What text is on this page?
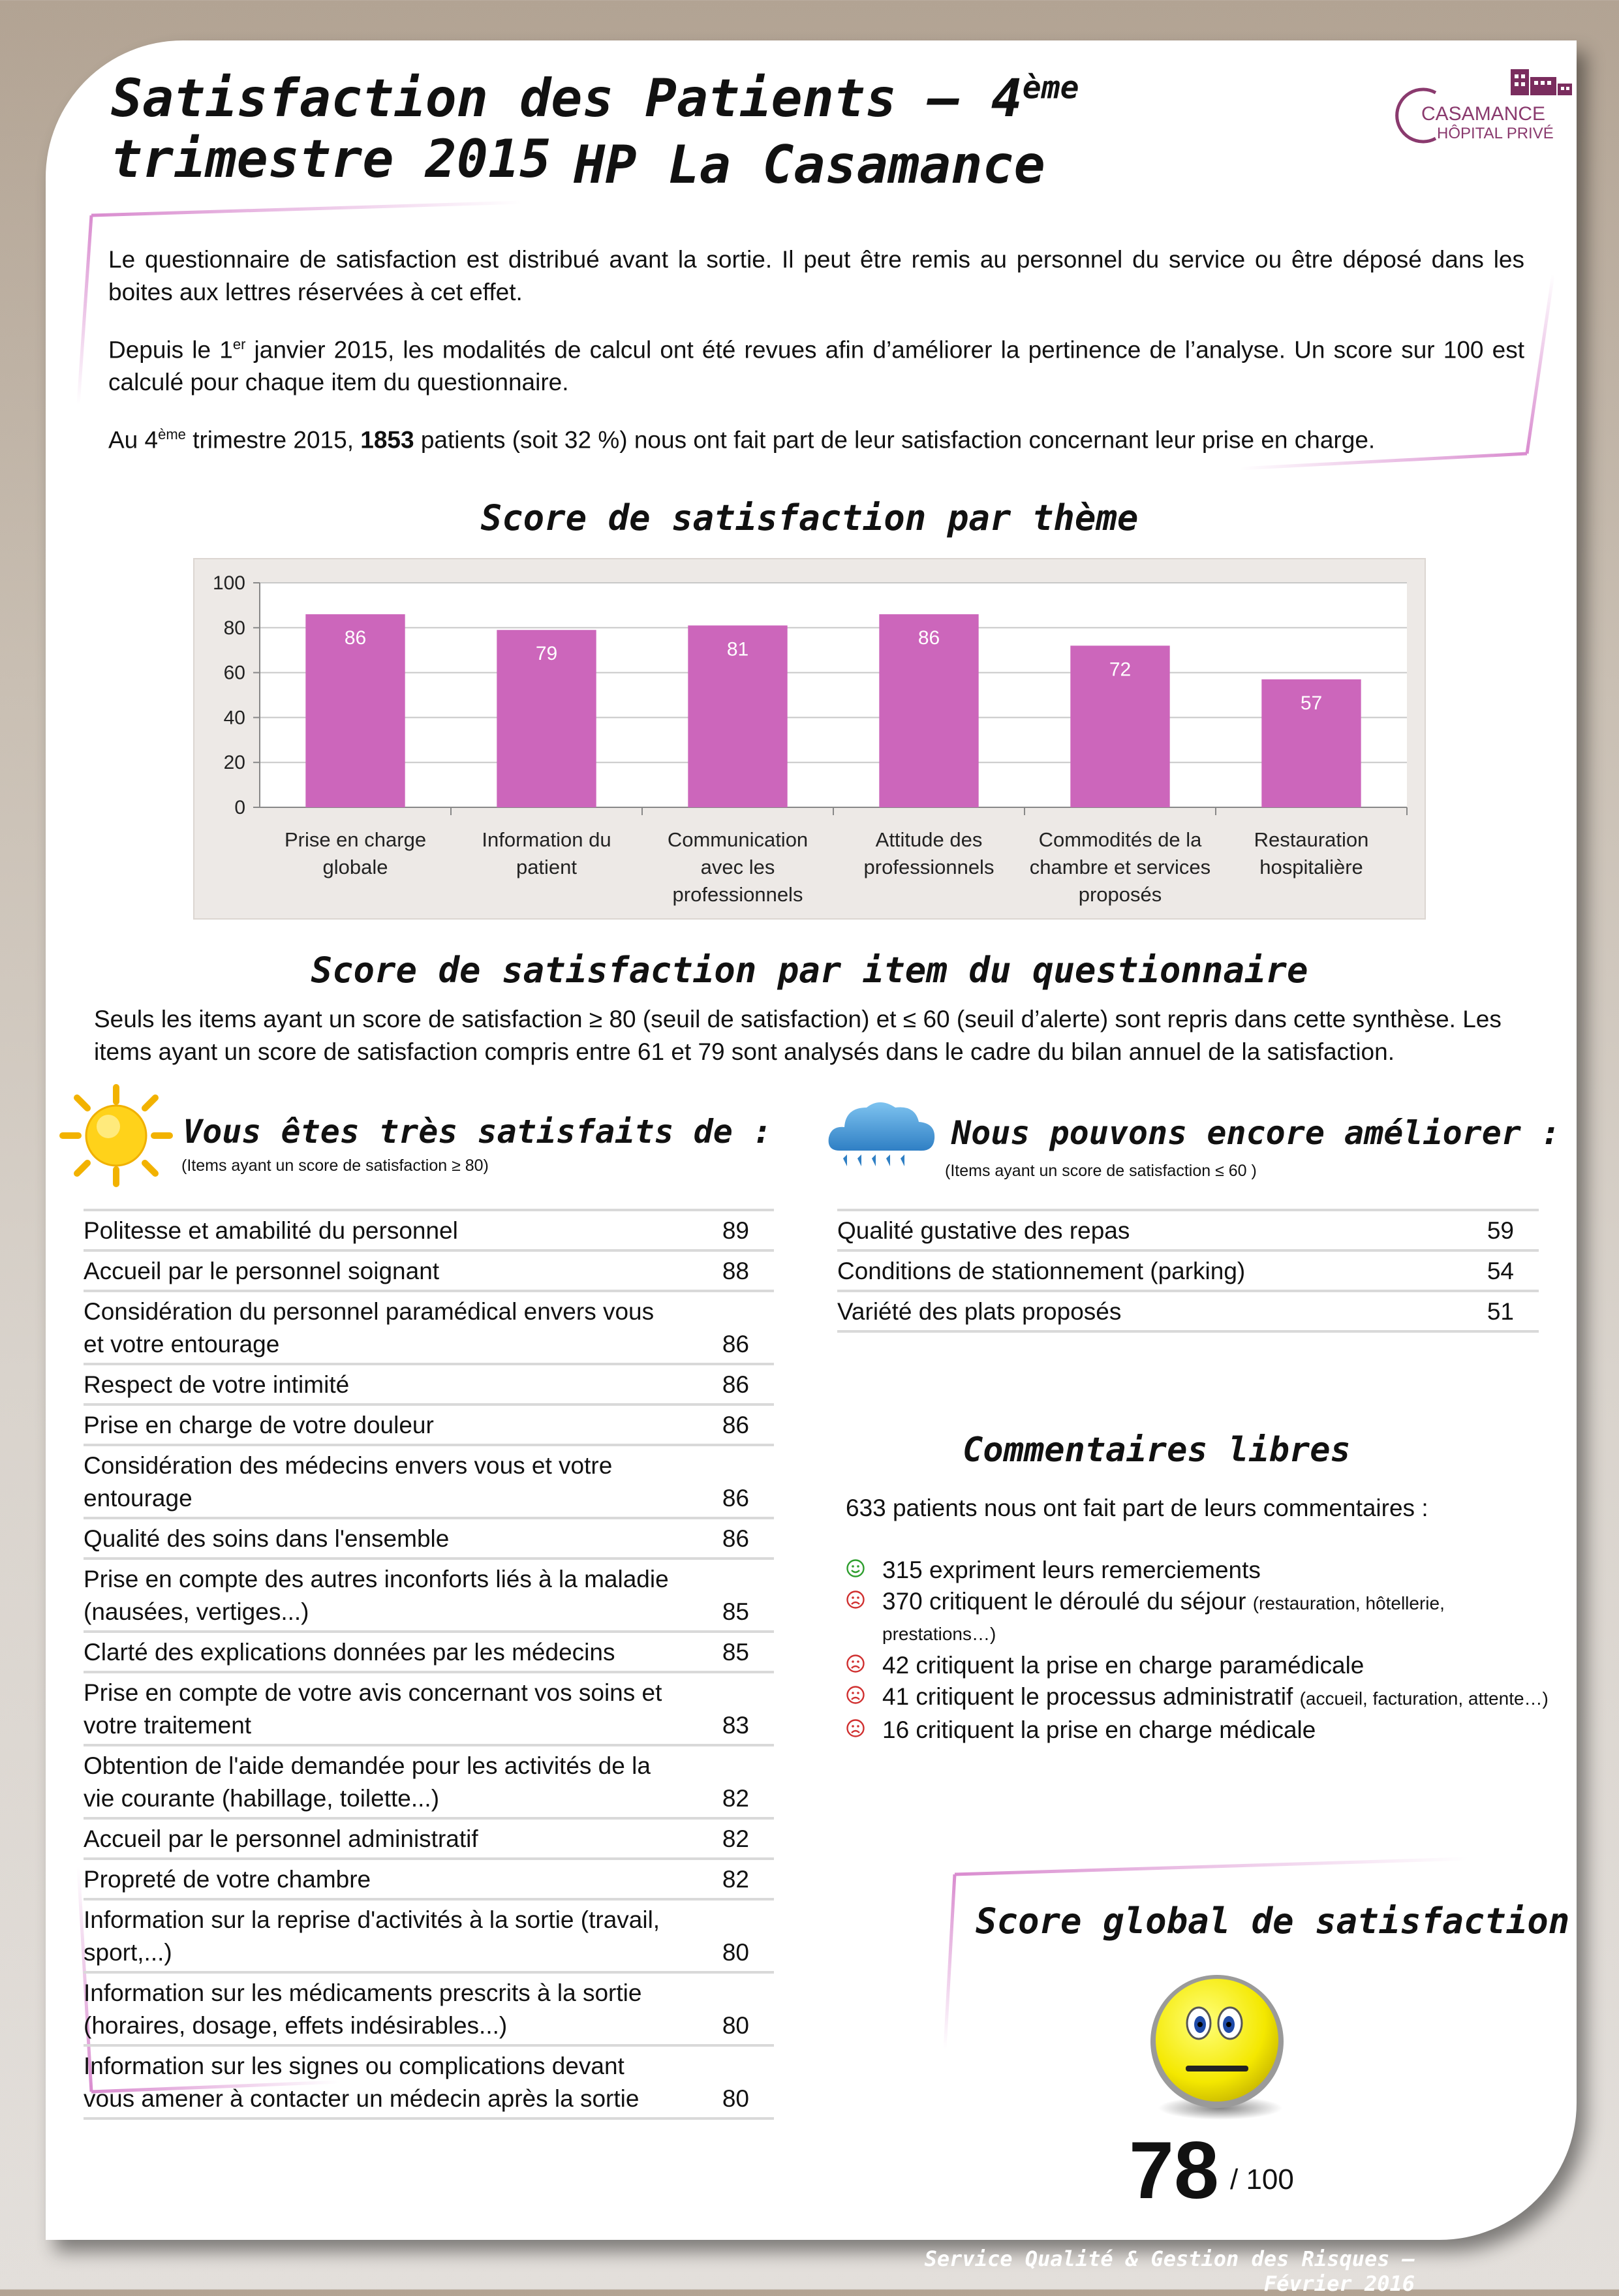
Satisfaction des Patients – 4ème trimestre 2015 HP La Casamance
CASAMANCE
HÔPITAL PRIVÉ

Le questionnaire de satisfaction est distribué avant la sortie. Il peut être remis au personnel du service ou être déposé dans les boites aux lettres réservées à cet effet.

Depuis le 1er janvier 2015, les modalités de calcul ont été revues afin d’améliorer la pertinence de l’analyse. Un score sur 100 est calculé pour chaque item du questionnaire.

Au 4ème trimestre 2015, 1853 patients (soit 32 %) nous ont fait part de leur satisfaction concernant leur prise en charge.

Score de satisfaction par thème
0
20
40
60
80
100
86
Prise en charge
globale
79
Information du
patient
81
Communication
avec les
professionnels
86
Attitude des
professionnels
72
Commodités de la
chambre et services
proposés
57
Restauration
hospitalière
Score de satisfaction par item du questionnaire
Seuls les items ayant un score de satisfaction ≥ 80 (seuil de satisfaction) et ≤ 60 (seuil d’alerte) sont repris dans cette synthèse. Les items ayant un score de satisfaction compris entre 61 et 79 sont analysés dans le cadre du bilan annuel de la satisfaction.
Vous êtes très satisfaits de :
(Items ayant un score de satisfaction ≥ 80)
Politesse et amabilité du personnel	89
Accueil par le personnel soignant	88
Considération du personnel paramédical envers vous et votre entourage	86
Respect de votre intimité	86
Prise en charge de votre douleur	86
Considération des médecins envers vous et votre entourage	86
Qualité des soins dans l'ensemble	86
Prise en compte des autres inconforts liés à la maladie (nausées, vertiges...)	85
Clarté des explications données par les médecins	85
Prise en compte de votre avis concernant vos soins et votre traitement	83
Obtention de l'aide demandée pour les activités de la vie courante (habillage, toilette...)	82
Accueil par le personnel administratif	82
Propreté de votre chambre	82
Information sur la reprise d'activités à la sortie (travail, sport,...)	80
Information sur les médicaments prescrits à la sortie (horaires, dosage, effets indésirables...)	80
Information sur les signes ou complications devant vous amener à contacter un médecin après la sortie	80
Nous pouvons encore améliorer :
(Items ayant un score de satisfaction ≤ 60 )
Qualité gustative des repas	59
Conditions de stationnement (parking)	54
Variété des plats proposés	51
Commentaires libres
633 patients nous ont fait part de leurs commentaires :
315 expriment leurs remerciements
370 critiquent le déroulé du séjour (restauration, hôtellerie, prestations…)
42 critiquent la prise en charge paramédicale
41 critiquent le processus administratif (accueil, facturation, attente…)
16 critiquent la prise en charge médicale
Score global de satisfaction
78 / 100
Service Qualité & Gestion des Risques – Février 2016
